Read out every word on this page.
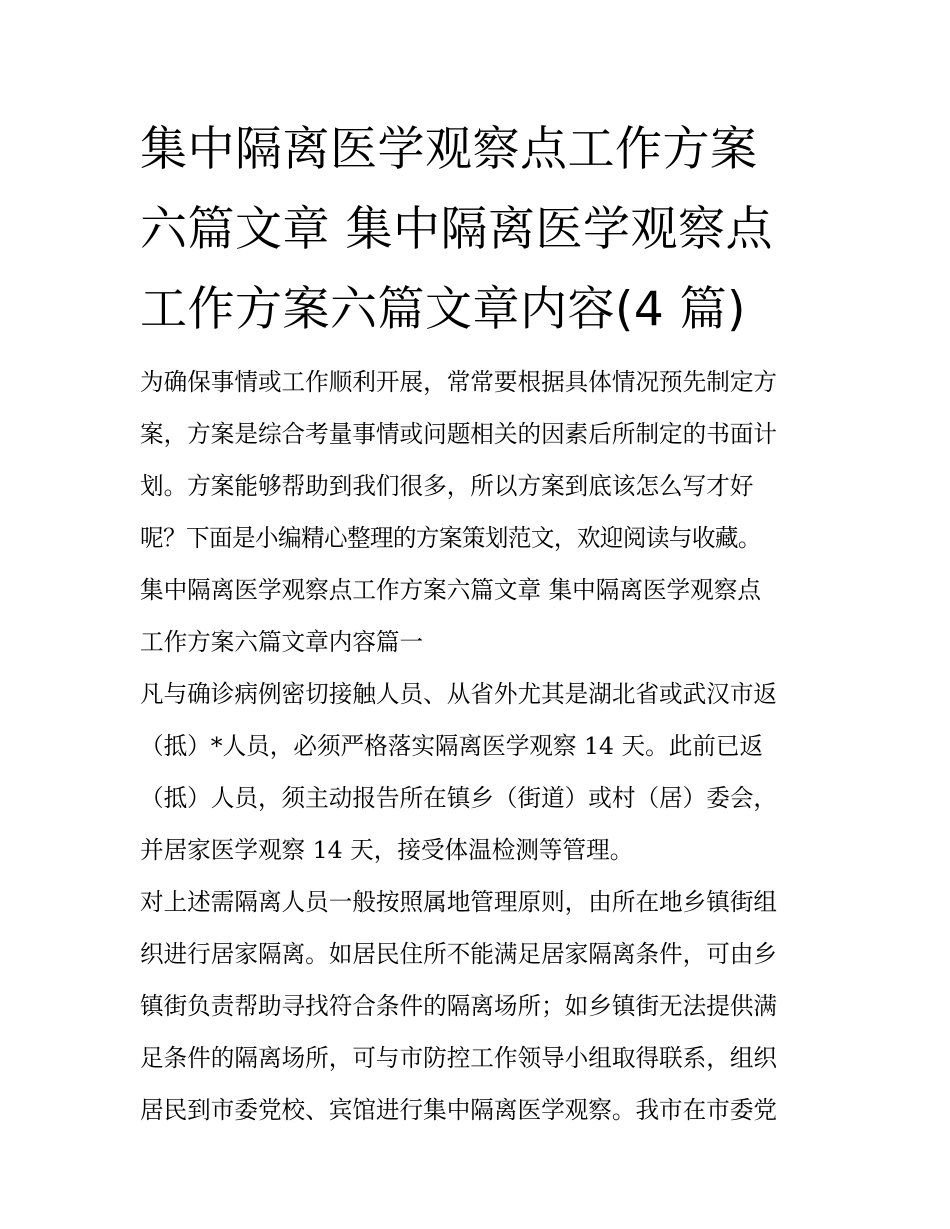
集中隔离医学观察点工作方案
六篇文章 集中隔离医学观察点
工作方案六篇文章内容(4 篇)
为确保事情或工作顺利开展，常常要根据具体情况预先制定方
案，方案是综合考量事情或问题相关的因素后所制定的书面计
划。方案能够帮助到我们很多，所以方案到底该怎么写才好
呢？下面是小编精心整理的方案策划范文，欢迎阅读与收藏。
集中隔离医学观察点工作方案六篇文章 集中隔离医学观察点
工作方案六篇文章内容篇一
凡与确诊病例密切接触人员、从省外尤其是湖北省或武汉市返
（抵）*人员，必须严格落实隔离医学观察 14 天。此前已返
（抵）人员，须主动报告所在镇乡（街道）或村（居）委会，
并居家医学观察 14 天，接受体温检测等管理。
对上述需隔离人员一般按照属地管理原则，由所在地乡镇街组
织进行居家隔离。如居民住所不能满足居家隔离条件，可由乡
镇街负责帮助寻找符合条件的隔离场所；如乡镇街无法提供满
足条件的隔离场所，可与市防控工作领导小组取得联系，组织
居民到市委党校、宾馆进行集中隔离医学观察。我市在市委党
